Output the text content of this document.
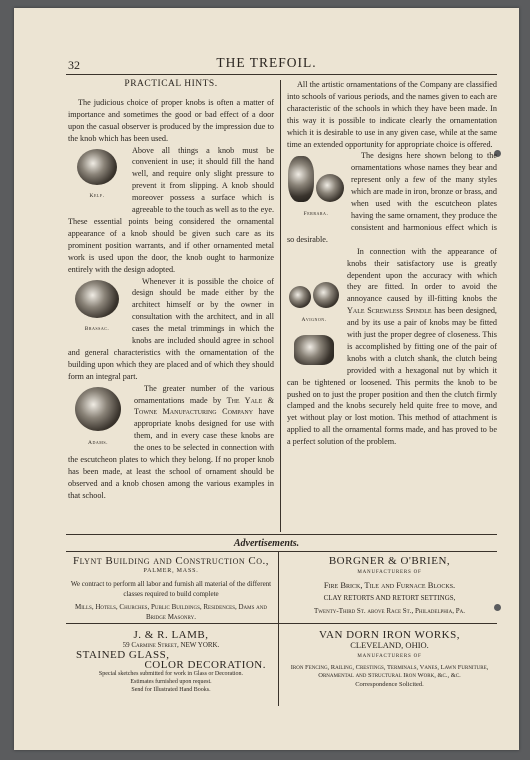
32	THE TREFOIL.

PRACTICAL HINTS.

The judicious choice of proper knobs is often a matter of importance and sometimes the good or bad effect of a door upon the casual observer is produced by the impression due to the knob which has been used.

Kelf.

Above all things a knob must be convenient in use; it should fill the hand well, and require only slight pressure to prevent it from slipping. A knob should moreover possess a surface which is agreeable to the touch as well as to the eye. These essential points being considered the ornamental appearance of a knob should be given such care as its prominent position warrants, and if other ornamented metal work is used upon the door, the knob ought to harmonize entirely with the design adopted.

Brassac.

Whenever it is possible the choice of design should be made either by the architect himself or by the owner in consultation with the architect, and in all cases the metal trimmings in which the knobs are included should agree in school and general characteristics with the ornamentation of the building upon which they are placed and of which they should form an integral part.

Adams.

The greater number of the various ornamentations made by The Yale & Towne Manufacturing Company have appropriate knobs designed for use with them, and in every case these knobs are the ones to be selected in connection with the escutcheon plates to which they belong. If no proper knob has been made, at least the school of ornament should be observed and a knob chosen among the various examples in that school.

All the artistic ornamentations of the Company are classified into schools of various periods, and the names given to each are characteristic of the schools in which they have been made. In this way it is possible to indicate clearly the ornamentation which it is desirable to use in any given case, while at the same time an extended opportunity for appropriate choice is offered.

Ferrara.

The designs here shown belong to the ornamentations whose names they bear and represent only a few of the many styles which are made in iron, bronze or brass, and when used with the escutcheon plates having the same ornament, they produce the consistent and harmonious effect which is so desirable.

Avignon.

In connection with the appearance of knobs their satisfactory use is greatly dependent upon the accuracy with which they are fitted. In order to avoid the annoyance caused by ill-fitting knobs the Yale Screwless Spindle has been designed, and by its use a pair of knobs may be fitted with just the proper degree of closeness. This is accomplished by fitting one of the pair of knobs with a clutch shank, the clutch being provided with a hexagonal nut by which it can be tightened or loosened. This permits the knob to be pushed on to just the proper position and then the clutch firmly clamped and the knobs securely held quite free to move, and yet without play or lost motion. This method of attachment is applied to all the ornamental forms made, and has proved to be a perfect solution of the problem.

Advertisements.
Flynt Building and Construction Co.,
PALMER, MASS.
We contract to perform all labor and furnish all material of the different classes required to build complete
Mills, Hotels, Churches, Public Buildings, Residences, Dams and Bridge Masonry.
BORGNER & O'BRIEN,
MANUFACTURERS OF
Fire Brick, Tile and Furnace Blocks.
CLAY RETORTS AND RETORT SETTINGS,
Twenty-Third St. above Race St., Philadelphia, Pa.
J. & R. LAMB,
59 Carmine Street, NEW YORK.
STAINED GLASS,
COLOR DECORATION.
Special sketches submitted for work in Glass or Decoration.
Estimates furnished upon request.
Send for Illustrated Hand Books.
VAN DORN IRON WORKS,
CLEVELAND, OHIO.
MANUFACTURERS OF
Iron Fencing, Railing, Crestings, Terminals, Vanes, Lawn Furniture,
Ornamental and Structural Iron Work, &c., &c.
Correspondence Solicited.
